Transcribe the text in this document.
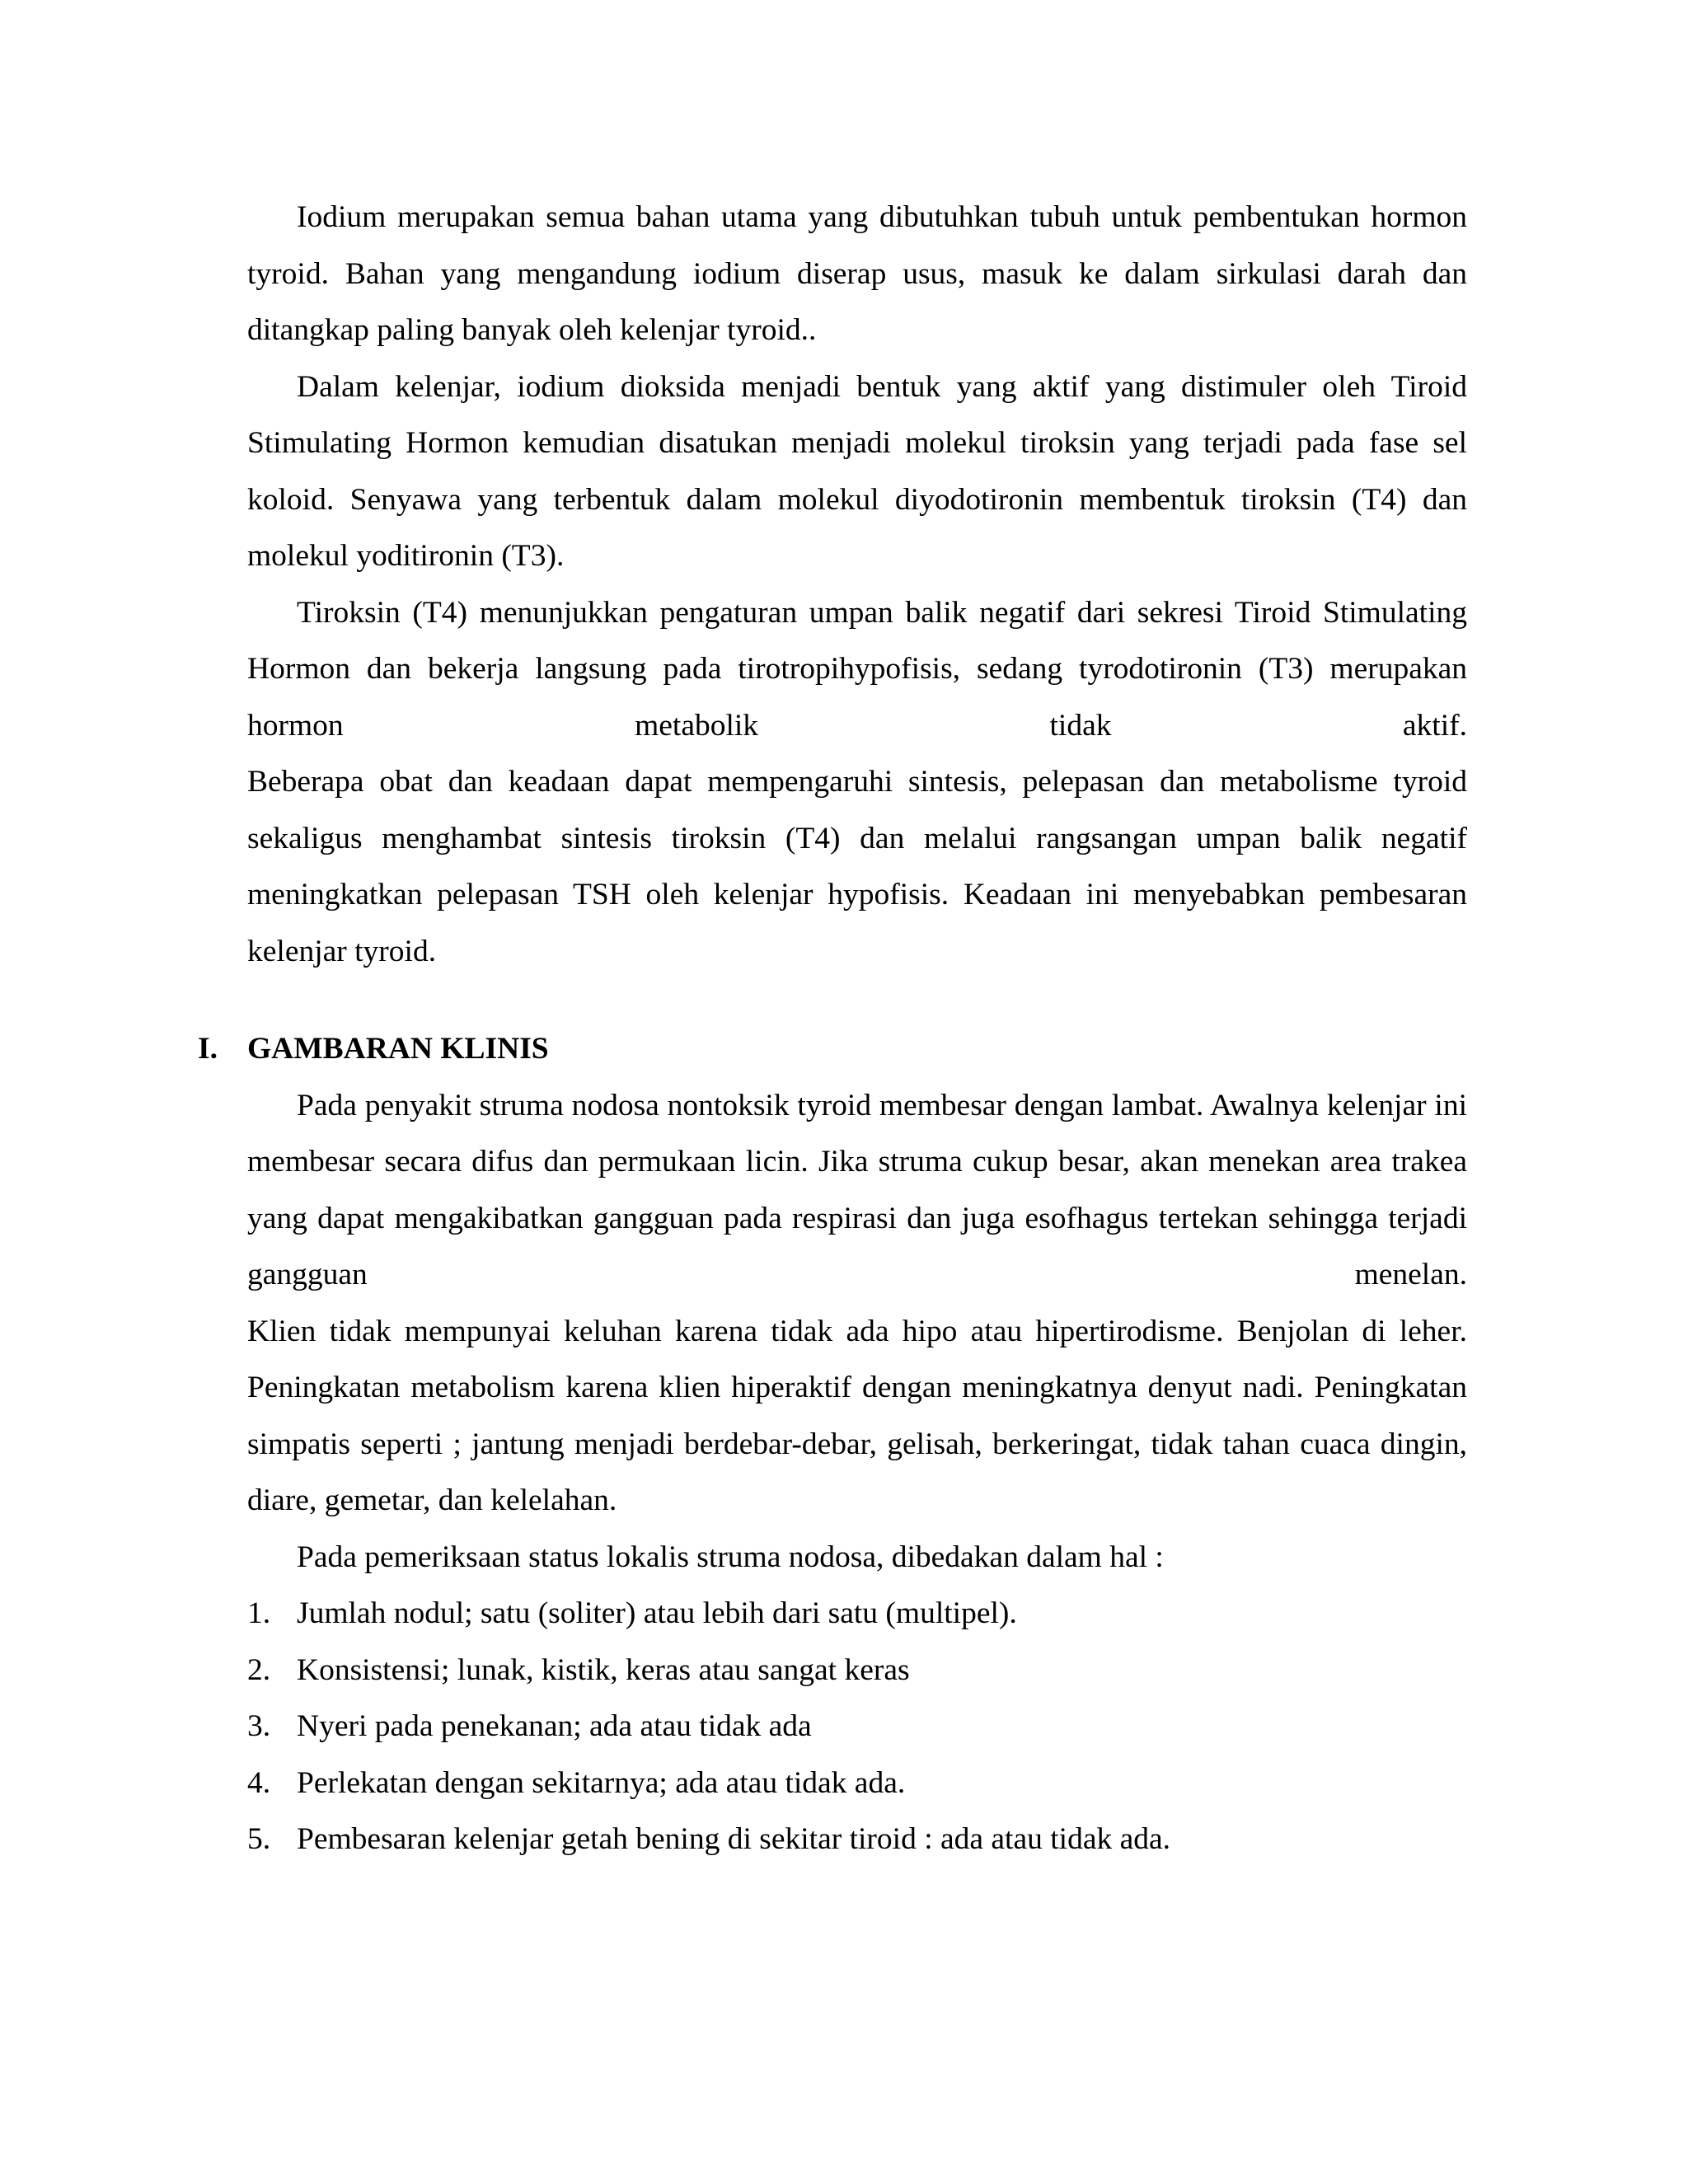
Iodium merupakan semua bahan utama yang dibutuhkan tubuh untuk pembentukan hormon tyroid. Bahan yang mengandung iodium diserap usus, masuk ke dalam sirkulasi darah dan ditangkap paling banyak oleh kelenjar tyroid..

Dalam kelenjar, iodium dioksida menjadi bentuk yang aktif yang distimuler oleh Tiroid Stimulating Hormon kemudian disatukan menjadi molekul tiroksin yang terjadi pada fase sel koloid. Senyawa yang terbentuk dalam molekul diyodotironin membentuk tiroksin (T4) dan molekul yoditironin (T3).

Tiroksin (T4) menunjukkan pengaturan umpan balik negatif dari sekresi Tiroid Stimulating Hormon dan bekerja langsung pada tirotropihypofisis, sedang tyrodotironin (T3) merupakan hormon metabolik tidak aktif.

Beberapa obat dan keadaan dapat mempengaruhi sintesis, pelepasan dan metabolisme tyroid sekaligus menghambat sintesis tiroksin (T4) dan melalui rangsangan umpan balik negatif meningkatkan pelepasan TSH oleh kelenjar hypofisis. Keadaan ini menyebabkan pembesaran kelenjar tyroid.

I. GAMBARAN KLINIS

Pada penyakit struma nodosa nontoksik tyroid membesar dengan lambat. Awalnya kelenjar ini membesar secara difus dan permukaan licin. Jika struma cukup besar, akan menekan area trakea yang dapat mengakibatkan gangguan pada respirasi dan juga esofhagus tertekan sehingga terjadi gangguan menelan.

Klien tidak mempunyai keluhan karena tidak ada hipo atau hipertirodisme. Benjolan di leher. Peningkatan metabolism karena klien hiperaktif dengan meningkatnya denyut nadi. Peningkatan simpatis seperti ; jantung menjadi berdebar-debar, gelisah, berkeringat, tidak tahan cuaca dingin, diare, gemetar, dan kelelahan.

Pada pemeriksaan status lokalis struma nodosa, dibedakan dalam hal :

1. Jumlah nodul; satu (soliter) atau lebih dari satu (multipel).
2. Konsistensi; lunak, kistik, keras atau sangat keras
3. Nyeri pada penekanan; ada atau tidak ada
4. Perlekatan dengan sekitarnya; ada atau tidak ada.
5. Pembesaran kelenjar getah bening di sekitar tiroid : ada atau tidak ada.
